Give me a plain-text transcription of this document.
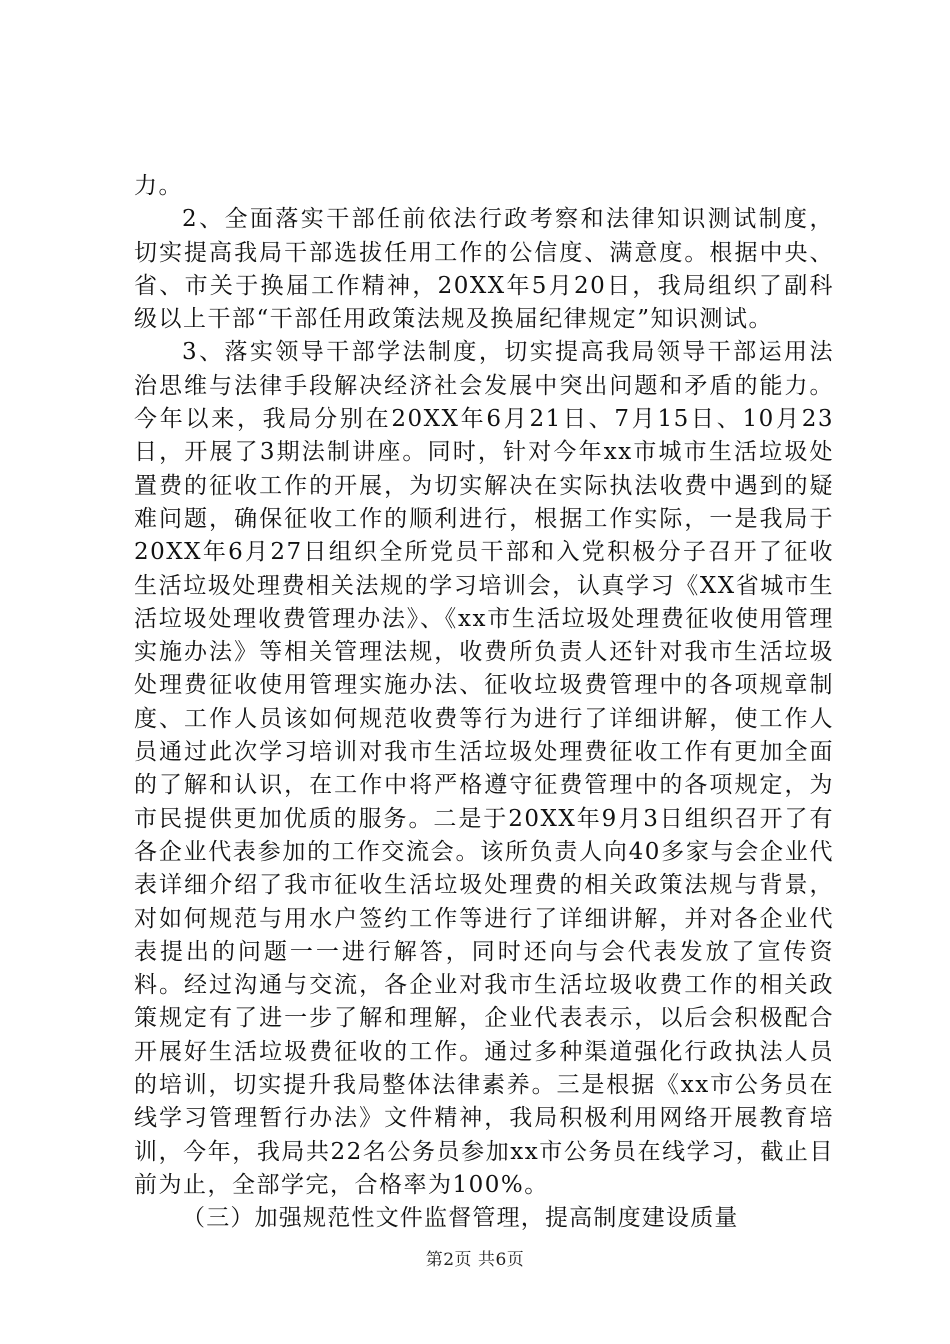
力。

2、全面落实干部任前依法行政考察和法律知识测试制度，切实提高我局干部选拔任用工作的公信度、满意度。根据中央、省、市关于换届工作精神，20XX年5月20日，我局组织了副科级以上干部“干部任用政策法规及换届纪律规定”知识测试。

3、落实领导干部学法制度，切实提高我局领导干部运用法治思维与法律手段解决经济社会发展中突出问题和矛盾的能力。今年以来，我局分别在20XX年6月21日、7月15日、10月23日，开展了3期法制讲座。同时，针对今年xx市城市生活垃圾处置费的征收工作的开展，为切实解决在实际执法收费中遇到的疑难问题，确保征收工作的顺利进行，根据工作实际，一是我局于20XX年6月27日组织全所党员干部和入党积极分子召开了征收生活垃圾处理费相关法规的学习培训会，认真学习《XX省城市生活垃圾处理收费管理办法》、《xx市生活垃圾处理费征收使用管理实施办法》等相关管理法规，收费所负责人还针对我市生活垃圾处理费征收使用管理实施办法、征收垃圾费管理中的各项规章制度、工作人员该如何规范收费等行为进行了详细讲解，使工作人员通过此次学习培训对我市生活垃圾处理费征收工作有更加全面的了解和认识，在工作中将严格遵守征费管理中的各项规定，为市民提供更加优质的服务。二是于20XX年9月3日组织召开了有各企业代表参加的工作交流会。该所负责人向40多家与会企业代表详细介绍了我市征收生活垃圾处理费的相关政策法规与背景，对如何规范与用水户签约工作等进行了详细讲解，并对各企业代表提出的问题一一进行解答，同时还向与会代表发放了宣传资料。经过沟通与交流，各企业对我市生活垃圾收费工作的相关政策规定有了进一步了解和理解，企业代表表示，以后会积极配合开展好生活垃圾费征收的工作。通过多种渠道强化行政执法人员的培训，切实提升我局整体法律素养。三是根据《xx市公务员在线学习管理暂行办法》文件精神，我局积极利用网络开展教育培训，今年，我局共22名公务员参加xx市公务员在线学习，截止目前为止，全部学完，合格率为100%。

（三）加强规范性文件监督管理，提高制度建设质量

第2页 共6页
